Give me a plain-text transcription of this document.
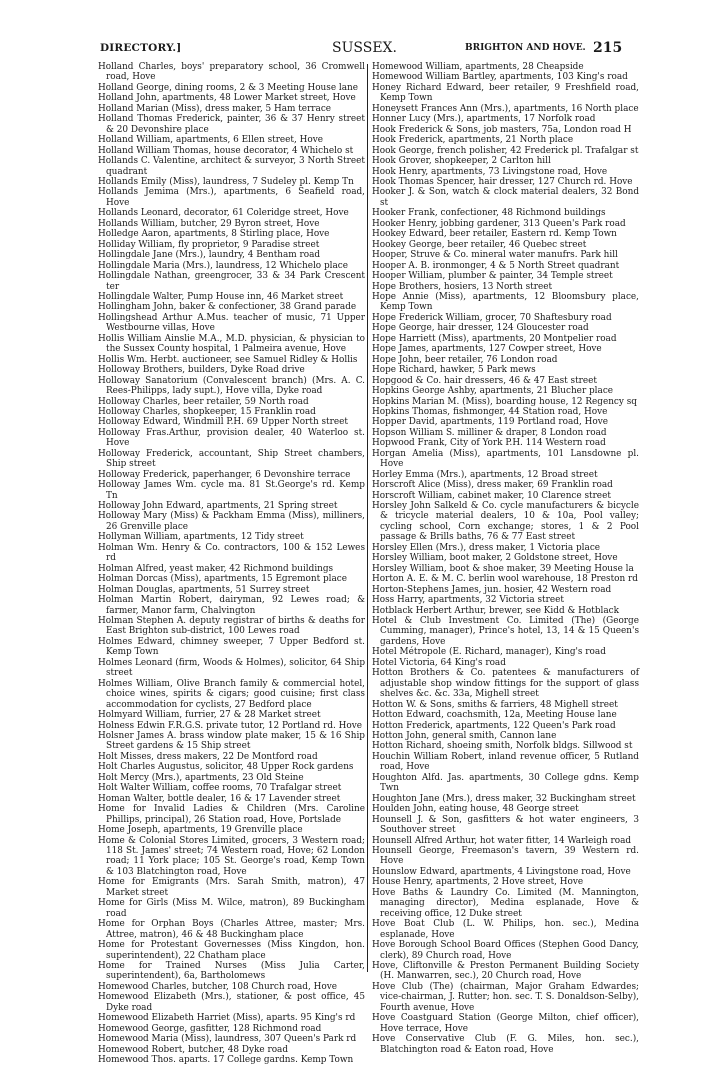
DIRECTORY.]	SUSSEX.	BRIGHTON AND HOVE. 215

Holland Charles, boys' preparatory school, 36 Cromwell road, Hove

Holland George, dining rooms, 2 & 3 Meeting House lane

Holland John, apartments, 48 Lower Market street, Hove

Holland Marian (Miss), dress maker, 5 Ham terrace

Holland Thomas Frederick, painter, 36 & 37 Henry street & 20 Devonshire place

Holland William, apartments, 6 Ellen street, Hove

Holland William Thomas, house decorator, 4 Whichelo st

Hollands C. Valentine, architect & surveyor, 3 North Street quadrant

Hollands Emily (Miss), laundress, 7 Sudeley pl. Kemp Tn

Hollands Jemima (Mrs.), apartments, 6 Seafield road, Hove

Hollands Leonard, decorator, 61 Coleridge street, Hove

Hollands William, butcher, 29 Byron street, Hove

Holledge Aaron, apartments, 8 Stirling place, Hove

Holliday William, fly proprietor, 9 Paradise street

Hollingdale Jane (Mrs.), laundry, 4 Bentham road

Hollingdale Maria (Mrs.), laundress, 12 Whichelo place

Hollingdale Nathan, greengrocer, 33 & 34 Park Crescent ter

Hollingdale Walter, Pump House inn, 46 Market street

Hollingham John, baker & confectioner, 38 Grand parade

Hollingshead Arthur A.Mus. teacher of music, 71 Upper Westbourne villas, Hove

Hollis William Ainslie M.A., M.D. physician, & physician to the Sussex County hospital, 1 Palmeira avenue, Hove

Hollis Wm. Herbt. auctioneer, see Samuel Ridley & Hollis

Holloway Brothers, builders, Dyke Road drive

Holloway Sanatorium (Convalescent branch) (Mrs. A. C. Rees-Philipps, lady supt.), Hove villa, Dyke road

Holloway Charles, beer retailer, 59 North road

Holloway Charles, shopkeeper, 15 Franklin road

Holloway Edward, Windmill P.H. 69 Upper North street

Holloway Fras.Arthur, provision dealer, 40 Waterloo st. Hove

Holloway Frederick, accountant, Ship Street chambers, Ship street

Holloway Frederick, paperhanger, 6 Devonshire terrace

Holloway James Wm. cycle ma. 81 St.George's rd. Kemp Tn

Holloway John Edward, apartments, 21 Spring street

Holloway Mary (Miss) & Packham Emma (Miss), milliners, 26 Grenville place

Hollyman William, apartments, 12 Tidy street

Holman Wm. Henry & Co. contractors, 100 & 152 Lewes rd

Holman Alfred, yeast maker, 42 Richmond buildings

Holman Dorcas (Miss), apartments, 15 Egremont place

Holman Douglas, apartments, 51 Surrey street

Holman Martin Robert, dairyman, 92 Lewes road; & farmer, Manor farm, Chalvington

Holman Stephen A. deputy registrar of births & deaths for East Brighton sub-district, 100 Lewes road

Holmes Edward, chimney sweeper, 7 Upper Bedford st. Kemp Town

Holmes Leonard (firm, Woods & Holmes), solicitor, 64 Ship street

Holmes William, Olive Branch family & commercial hotel, choice wines, spirits & cigars; good cuisine; first class accommodation for cyclists, 27 Bedford place

Holmyard William, furrier, 27 & 28 Market street

Holness Edwin F.R.G.S. private tutor, 12 Portland rd. Hove

Holsner James A. brass window plate maker, 15 & 16 Ship Street gardens & 15 Ship street

Holt Misses, dress makers, 22 De Montford road

Holt Charles Augustus, solicitor, 48 Upper Rock gardens

Holt Mercy (Mrs.), apartments, 23 Old Steine

Holt Walter William, coffee rooms, 70 Trafalgar street

Homan Walter, bottle dealer, 16 & 17 Lavender street

Home for Invalid Ladies & Children (Mrs. Caroline Phillips, principal), 26 Station road, Hove, Portslade

Home Joseph, apartments, 19 Grenville place

Home & Colonial Stores Limited, grocers, 3 Western road; 118 St. James' street; 74 Western road, Hove; 62 London road; 11 York place; 105 St. George's road, Kemp Town & 103 Blatchington road, Hove

Home for Emigrants (Mrs. Sarah Smith, matron), 47 Market street

Home for Girls (Miss M. Wilce, matron), 89 Buckingham road

Home for Orphan Boys (Charles Attree, master; Mrs. Attree, matron), 46 & 48 Buckingham place

Home for Protestant Governesses (Miss Kingdon, hon. superintendent), 22 Chatham place

Home for Trained Nurses (Miss Julia Carter, superintendent), 6a, Bartholomews

Homewood Charles, butcher, 108 Church road, Hove

Homewood Elizabeth (Mrs.), stationer, & post office, 45 Dyke road

Homewood Elizabeth Harriet (Miss), aparts. 95 King's rd

Homewood George, gasfitter, 128 Richmond road

Homewood Maria (Miss), laundress, 307 Queen's Park rd

Homewood Robert, butcher, 48 Dyke road

Homewood Thos. aparts. 17 College gardns. Kemp Town

Homewood William, apartments, 28 Cheapside

Homewood William Bartley, apartments, 103 King's road

Honey Richard Edward, beer retailer, 9 Freshfield road, Kemp Town

Honeysett Frances Ann (Mrs.), apartments, 16 North place

Honner Lucy (Mrs.), apartments, 17 Norfolk road

Hook Frederick & Sons, job masters, 75a, London road H

Hook Frederick, apartments, 21 North place

Hook George, french polisher, 42 Frederick pl. Trafalgar st

Hook Grover, shopkeeper, 2 Carlton hill

Hook Henry, apartments, 73 Livingstone road, Hove

Hook Thomas Spencer, hair dresser, 127 Church rd. Hove

Hooker J. & Son, watch & clock material dealers, 32 Bond st

Hooker Frank, confectioner, 48 Richmond buildings

Hooker Henry, jobbing gardener, 313 Queen's Park road

Hookey Edward, beer retailer, Eastern rd. Kemp Town

Hookey George, beer retailer, 46 Quebec street

Hooper, Struve & Co. mineral water manufrs. Park hill

Hooper A. B. ironmonger, 4 & 5 North Street quadrant

Hooper William, plumber & painter, 34 Temple street

Hope Brothers, hosiers, 13 North street

Hope Annie (Miss), apartments, 12 Bloomsbury place, Kemp Town

Hope Frederick William, grocer, 70 Shaftesbury road

Hope George, hair dresser, 124 Gloucester road

Hope Harriett (Miss), apartments, 20 Montpelier road

Hope James, apartments, 127 Cowper street, Hove

Hope John, beer retailer, 76 London road

Hope Richard, hawker, 5 Park mews

Hopgood & Co. hair dressers, 46 & 47 East street

Hopkins George Ashby, apartments, 21 Blucher place

Hopkins Marian M. (Miss), boarding house, 12 Regency sq

Hopkins Thomas, fishmonger, 44 Station road, Hove

Hopper David, apartments, 119 Portland road, Hove

Hopson William S. milliner & draper, 8 London road

Hopwood Frank, City of York P.H. 114 Western road

Horgan Amelia (Miss), apartments, 101 Lansdowne pl. Hove

Horley Emma (Mrs.), apartments, 12 Broad street

Horscroft Alice (Miss), dress maker, 69 Franklin road

Horscroft William, cabinet maker, 10 Clarence street

Horsley John Salkeld & Co. cycle manufacturers & bicycle & tricycle material dealers, 10 & 10a, Pool valley; cycling school, Corn exchange; stores, 1 & 2 Pool passage & Brills baths, 76 & 77 East street

Horsley Ellen (Mrs.), dress maker, 1 Victoria place

Horsley William, boot maker, 2 Goldstone street, Hove

Horsley William, boot & shoe maker, 39 Meeting House la

Horton A. E. & M. C. berlin wool warehouse, 18 Preston rd

Horton-Stephens James, jun. hosier, 42 Western road

Hoss Harry, apartments, 32 Victoria street

Hotblack Herbert Arthur, brewer, see Kidd & Hotblack

Hotel & Club Investment Co. Limited (The) (George Cumming, manager), Prince's hotel, 13, 14 & 15 Queen's gardens, Hove

Hotel Métropole (E. Richard, manager), King's road

Hotel Victoria, 64 King's road

Hotton Brothers & Co. patentees & manufacturers of adjustable shop window fittings for the support of glass shelves &c. &c. 33a, Mighell street

Hotton W. & Sons, smiths & farriers, 48 Mighell street

Hotton Edward, coachsmith, 12a, Meeting House lane

Hotton Frederick, apartments, 122 Queen's Park road

Hotton John, general smith, Cannon lane

Hotton Richard, shoeing smith, Norfolk bldgs. Sillwood st

Houchin William Robert, inland revenue officer, 5 Rutland road, Hove

Houghton Alfd. Jas. apartments, 30 College gdns. Kemp Twn

Houghton Jane (Mrs.), dress maker, 32 Buckingham street

Houlden John, eating house, 48 George street

Hounsell J. & Son, gasfitters & hot water engineers, 3 Southover street

Hounsell Alfred Arthur, hot water fitter, 14 Warleigh road

Hounsell George, Freemason's tavern, 39 Western rd. Hove

Hounslow Edward, apartments, 4 Livingstone road, Hove

House Henry, apartments, 2 Hove street, Hove

Hove Baths & Laundry Co. Limited (M. Mannington, managing director), Medina esplanade, Hove & receiving office, 12 Duke street

Hove Boat Club (L. W. Philips, hon. sec.), Medina esplanade, Hove

Hove Borough School Board Offices (Stephen Good Dancy, clerk), 89 Church road, Hove

Hove, Cliftonville & Preston Permanent Building Society (H. Manwarren, sec.), 20 Church road, Hove

Hove Club (The) (chairman, Major Graham Edwardes; vice-chairman, J. Rutter; hon. sec. T. S. Donaldson-Selby), Fourth avenue, Hove

Hove Coastguard Station (George Milton, chief officer), Hove terrace, Hove

Hove Conservative Club (F. G. Miles, hon. sec.), Blatchington road & Eaton road, Hove
